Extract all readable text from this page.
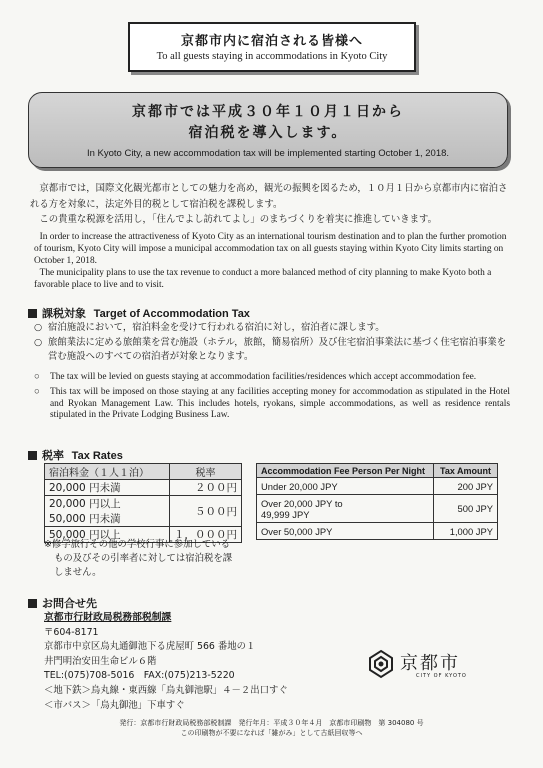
京都市内に宿泊される皆様へ
To all guests staying in accommodations in Kyoto City
京都市では平成３０年１０月１日から
宿泊税を導入します。
In Kyoto City, a new accommodation tax will be implemented starting October 1, 2018.

京都市では，国際文化観光都市としての魅力を高め，観光の振興を図るため，１０月１日から京都市内に宿泊される方を対象に，法定外目的税として宿泊税を課税します。

この貴重な税源を活用し，「住んでよし訪れてよし」のまちづくりを着実に推進していきます。

In order to increase the attractiveness of Kyoto City as an international tourism destination and to plan the further promotion of tourism, Kyoto City will impose a municipal accommodation tax on all guests staying within Kyoto City limits starting on October 1, 2018.

The municipality plans to use the tax revenue to conduct a more balanced method of city planning to make Kyoto both a favorable place to live and to visit.

課税対象 Target of Accommodation Tax
○ 宿泊施設において，宿泊料金を受けて行われる宿泊に対し，宿泊者に課します。
○ 旅館業法に定める旅館業を営む施設（ホテル，旅館，簡易宿所）及び住宅宿泊事業法に基づく住宅宿泊事業を営む施設へのすべての宿泊者が対象となります。
○ The tax will be levied on guests staying at accommodation facilities/residences which accept accommodation fee.
○ This tax will be imposed on those staying at any facilities accepting money for accommodation as stipulated in the Hotel and Ryokan Management Law. This includes hotels, ryokans, simple accommodations, as well as residence rentals stipulated in the Private Lodging Business Law.
税率 Tax Rates
宿泊料金（１人１泊）	税率
20,000 円未満	２００円

20,000 円以上
50,000 円未満	５００円
50,000 円以上	１，０００円
Accommodation Fee Person Per Night	Tax Amount
Under 20,000 JPY	200 JPY

Over 20,000 JPY to
49,999 JPY	500 JPY
Over 50,000 JPY	1,000 JPY
※修学旅行その他の学校行事に参加している
もの及びその引率者に対しては宿泊税を課
しません。
お問合せ先
京都市行財政局税務部税制課
〒604-8171
京都市中京区烏丸通御池下る虎屋町 566 番地の１
井門明治安田生命ビル６階
TEL:(075)708-5016　FAX:(075)213-5220
＜地下鉄＞烏丸線・東西線「烏丸御池駅」４－２出口すぐ
＜市バス＞「烏丸御池」下車すぐ
京都市
CITY OF KYOTO
発行：京都市行財政局税務部税制課　発行年月：平成３０年４月　京都市印刷物　第 304080 号
この印刷物が不要になれば「雑がみ」として古紙回収等へ
